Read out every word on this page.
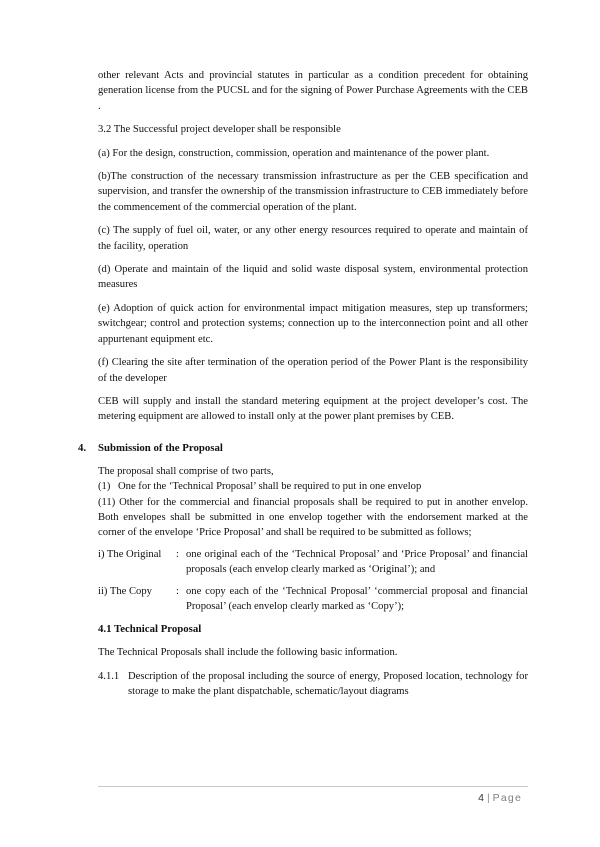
other relevant Acts and provincial statutes in particular as a condition precedent for obtaining generation license from the PUCSL and for the signing of Power Purchase Agreements with the CEB .

3.2 The Successful project developer shall be responsible

(a) For the design, construction, commission, operation and maintenance of the power plant.

(b)The construction of the necessary transmission infrastructure as per the CEB specification and supervision, and transfer the ownership of the transmission infrastructure to CEB immediately before the commencement of the commercial operation of the plant.

(c) The supply of fuel oil, water, or any other energy resources required to operate and maintain of the facility, operation

(d) Operate and maintain of the liquid and solid waste disposal system, environmental protection measures

(e) Adoption of quick action for environmental impact mitigation measures, step up transformers; switchgear; control and protection systems; connection up to the interconnection point and all other appurtenant equipment etc.

(f) Clearing the site after termination of the operation period of the Power Plant is the responsibility of the developer

CEB will supply and install the standard metering equipment at the project developer’s cost. The metering equipment are allowed to install only at the power plant premises by CEB.

4. Submission of the Proposal

The proposal shall comprise of two parts,

(1) One for the ‘Technical Proposal’ shall be required to put in one envelop

(11) Other for the commercial and financial proposals shall be required to put in another envelop. Both envelopes shall be submitted in one envelop together with the endorsement marked at the corner of the envelope ‘Price Proposal’ and shall be required to be submitted as follows;

i) The Original	: one original each of the ‘Technical Proposal’ and ‘Price Proposal’ and financial proposals (each envelop clearly marked as ‘Original’); and
ii) The Copy	: one copy each of the ‘Technical Proposal’ ‘commercial proposal and financial Proposal’ (each envelop clearly marked as ‘Copy’);
4.1 Technical Proposal

The Technical Proposals shall include the following basic information.

4.1.1 Description of the proposal including the source of energy, Proposed location, technology for storage to make the plant dispatchable, schematic/layout diagrams
4 | Page
